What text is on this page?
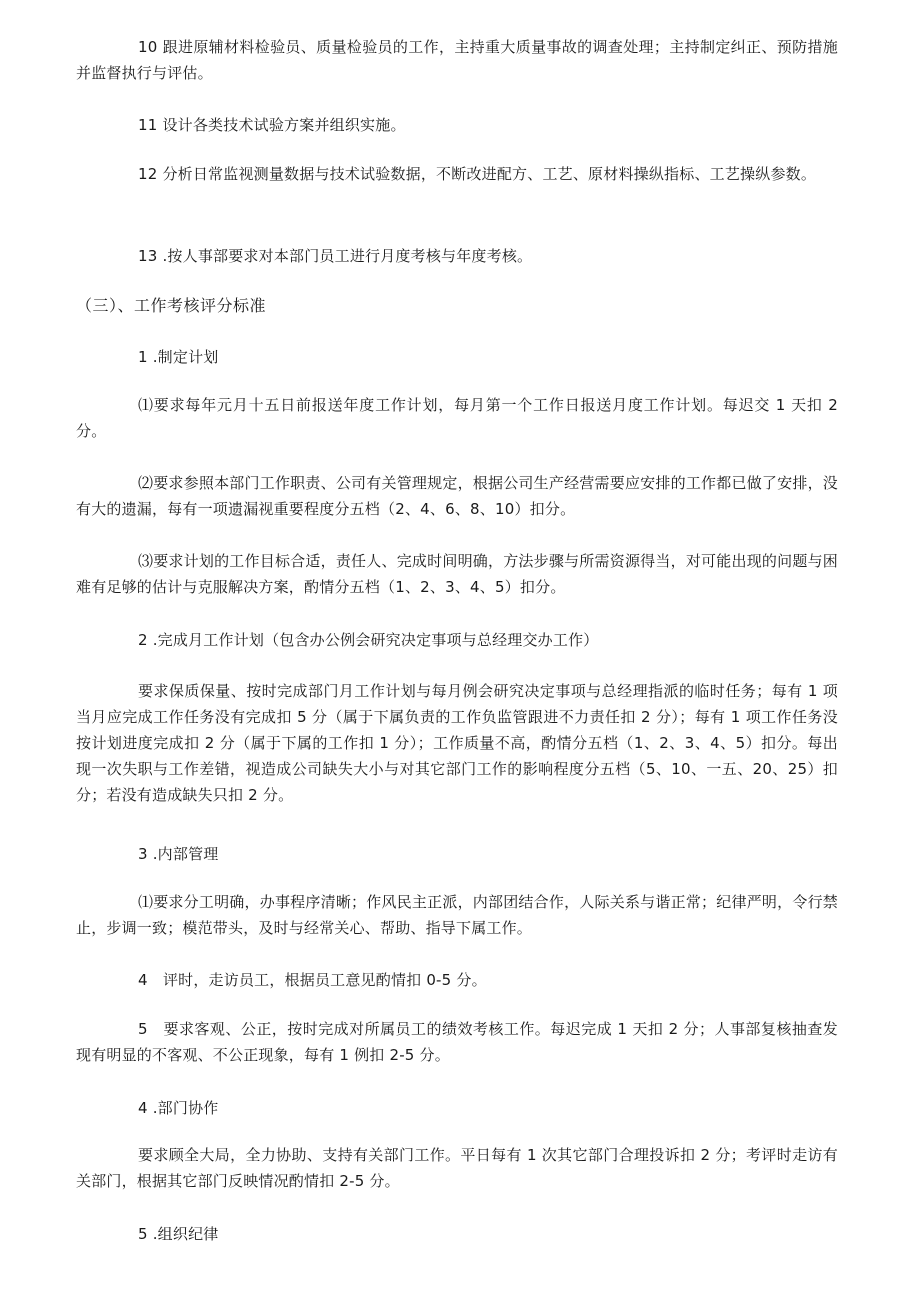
10 跟进原辅材料检验员、质量检验员的工作，主持重大质量事故的调查处理；主持制定纠正、预防措施并监督执行与评估。

11 设计各类技术试验方案并组织实施。

12 分析日常监视测量数据与技术试验数据，不断改进配方、工艺、原材料操纵指标、工艺操纵参数。

13 .按人事部要求对本部门员工进行月度考核与年度考核。

（三）、工作考核评分标准

1 .制定计划

⑴要求每年元月十五日前报送年度工作计划，每月第一个工作日报送月度工作计划。每迟交 1 天扣 2 分。

⑵要求参照本部门工作职责、公司有关管理规定，根据公司生产经营需要应安排的工作都已做了安排，没有大的遗漏，每有一项遗漏视重要程度分五档（2、4、6、8、10）扣分。

⑶要求计划的工作目标合适，责任人、完成时间明确，方法步骤与所需资源得当，对可能出现的问题与困难有足够的估计与克服解决方案，酌情分五档（1、2、3、4、5）扣分。

2 .完成月工作计划（包含办公例会研究决定事项与总经理交办工作）

要求保质保量、按时完成部门月工作计划与每月例会研究决定事项与总经理指派的临时任务；每有 1 项当月应完成工作任务没有完成扣 5 分（属于下属负责的工作负监管跟进不力责任扣 2 分）；每有 1 项工作任务没按计划进度完成扣 2 分（属于下属的工作扣 1 分）；工作质量不高，酌情分五档（1、2、3、4、5）扣分。每出现一次失职与工作差错，视造成公司缺失大小与对其它部门工作的影响程度分五档（5、10、一五、20、25）扣分；若没有造成缺失只扣 2 分。

3 .内部管理

⑴要求分工明确，办事程序清晰；作风民主正派，内部团结合作，人际关系与谐正常；纪律严明，令行禁止，步调一致；模范带头，及时与经常关心、帮助、指导下属工作。

4　评时，走访员工，根据员工意见酌情扣 0-5 分。

5　要求客观、公正，按时完成对所属员工的绩效考核工作。每迟完成 1 天扣 2 分；人事部复核抽查发现有明显的不客观、不公正现象，每有 1 例扣 2-5 分。

4 .部门协作

要求顾全大局，全力协助、支持有关部门工作。平日每有 1 次其它部门合理投诉扣 2 分；考评时走访有关部门，根据其它部门反映情况酌情扣 2-5 分。

5 .组织纪律
